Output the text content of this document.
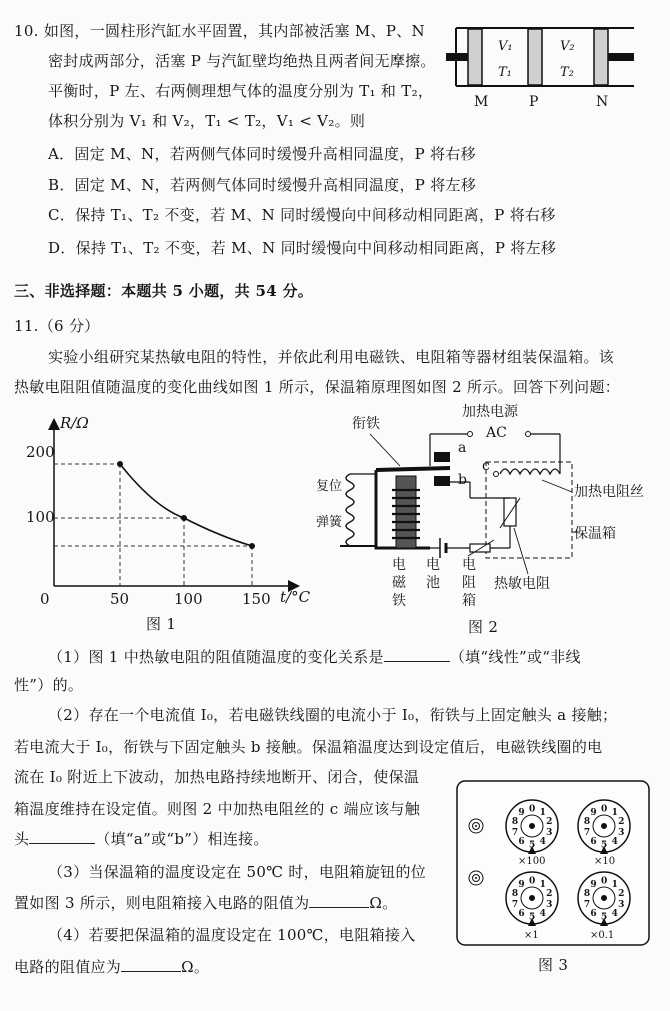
10. 如图，一圆柱形汽缸水平固置，其内部被活塞 M、P、N
密封成两部分，活塞 P 与汽缸壁均绝热且两者间无摩擦。
平衡时，P 左、右两侧理想气体的温度分别为 T₁ 和 T₂，
体积分别为 V₁ 和 V₂，T₁ < T₂，V₁ < V₂。则
A．固定 M、N，若两侧气体同时缓慢升高相同温度，P 将右移
B．固定 M、N，若两侧气体同时缓慢升高相同温度，P 将左移
C．保持 T₁、T₂ 不变，若 M、N 同时缓慢向中间移动相同距离，P 将右移
D．保持 T₁、T₂ 不变，若 M、N 同时缓慢向中间移动相同距离，P 将左移
V₁
T₁
V₂
T₂
M	P	N
三、非选择题：本题共 5 小题，共 54 分。
11.（6 分）
实验小组研究某热敏电阻的特性，并依此利用电磁铁、电阻箱等器材组装保温箱。该
热敏电阻阻值随温度的变化曲线如图 1 所示，保温箱原理图如图 2 所示。回答下列问题：
R/Ω
t/°C
0
200
100
50	100	150
图 1
加热电源
AC
衔铁
复位
弹簧
a
b
c
加热电阻丝
保温箱
热敏电阻
电磁铁
电池
电阻箱
图 2
（1）图 1 中热敏电阻的阻值随温度的变化关系是	（填“线性”或“非线
性”）的。
（2）存在一个电流值 I₀，若电磁铁线圈的电流小于 I₀，衔铁与上固定触头 a 接触；
若电流大于 I₀，衔铁与下固定触头 b 接触。保温箱温度达到设定值后，电磁铁线圈的电
流在 I₀ 附近上下波动，加热电路持续地断开、闭合，使保温
箱温度维持在设定值。则图 2 中加热电阻丝的 c 端应该与触
头	（填“a”或“b”）相连接。
（3）当保温箱的温度设定在 50℃ 时，电阻箱旋钮的位
置如图 3 所示，则电阻箱接入电路的阻值为	Ω。
（4）若要把保温箱的温度设定在 100℃，电阻箱接入
电路的阻值应为	Ω。
×100	×10
×1	×0.1
0 1
2
3
4
5
6
7
8
9	0 1
2
3
4
5
6
7
8
9
0 1
2
3
4
5
6
7
8
9	0 1
2
3
4
5
6
7
8
9
图 3
